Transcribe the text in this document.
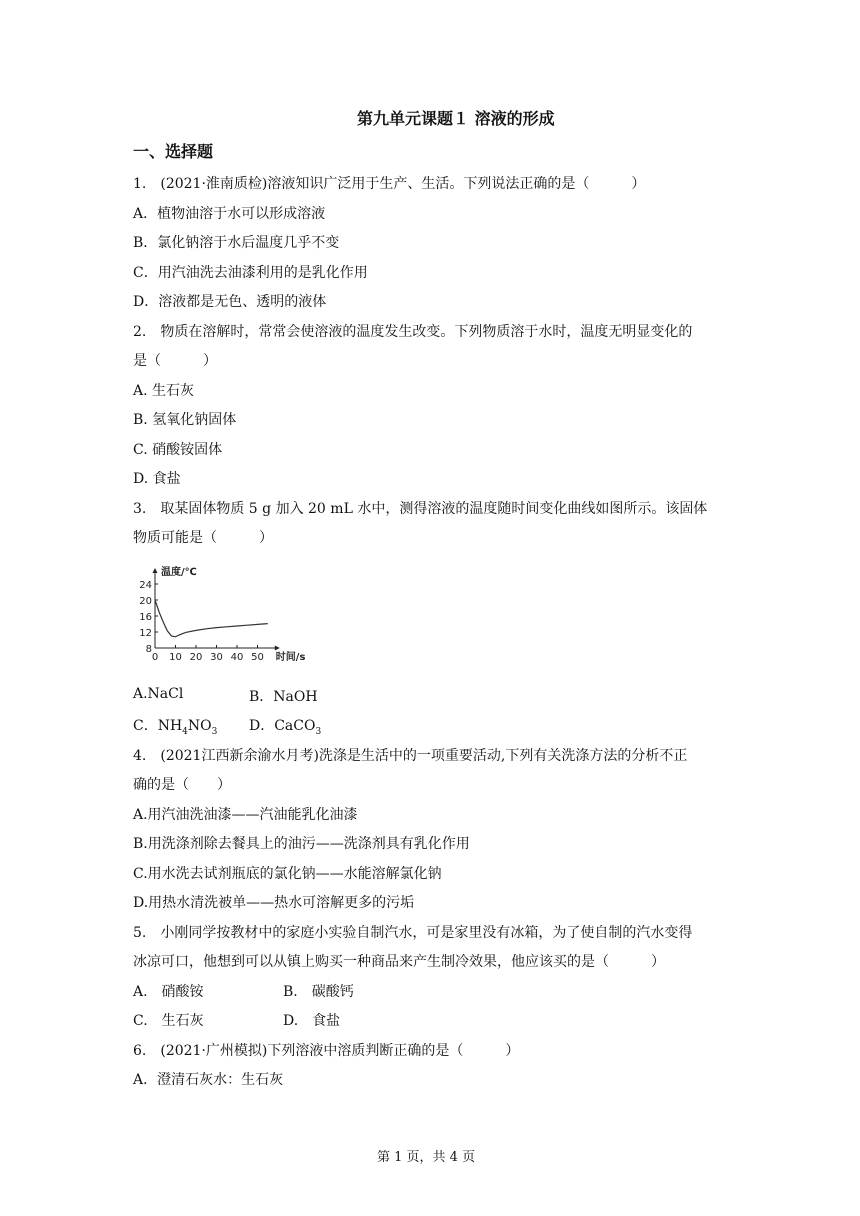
第九单元课题１ 溶液的形成
一、选择题
1.　(2021·淮南质检)溶液知识广泛用于生产、生活。下列说法正确的是（　　　）
A．植物油溶于水可以形成溶液
B．氯化钠溶于水后温度几乎不变
C．用汽油洗去油漆利用的是乳化作用
D．溶液都是无色、透明的液体
2.　物质在溶解时，常常会使溶液的温度发生改变。下列物质溶于水时，温度无明显变化的
是（　　　）
A. 生石灰
B. 氢氧化钠固体
C. 硝酸铵固体
D. 食盐
3.　取某固体物质 5 g 加入 20 mL 水中，测得溶液的温度随时间变化曲线如图所示。该固体
物质可能是（　　　）
0 10 20 30 40 50
8
12
16
20
24
温度/℃
时间/s
A.NaCl	B．NaOH
C．$NH_4NO_3$ D．CaCO$_3$
4.　(2021江西新余渝水月考)洗涤是生活中的一项重要活动,下列有关洗涤方法的分析不正
确的是（　　）
A.用汽油洗油漆——汽油能乳化油漆
B.用洗涤剂除去餐具上的油污——洗涤剂具有乳化作用
C.用水洗去试剂瓶底的氯化钠——水能溶解氯化钠
D.用热水清洗被单——热水可溶解更多的污垢
5.　小刚同学按教材中的家庭小实验自制汽水，可是家里没有冰箱，为了使自制的汽水变得
冰凉可口，他想到可以从镇上购买一种商品来产生制冷效果，他应该买的是（　　　）
A.　硝酸铵	B.　碳酸钙
C.　生石灰	D.　食盐
6.　(2021·广州模拟)下列溶液中溶质判断正确的是（　　　）
A．澄清石灰水：生石灰
第 1 页，共 4 页
